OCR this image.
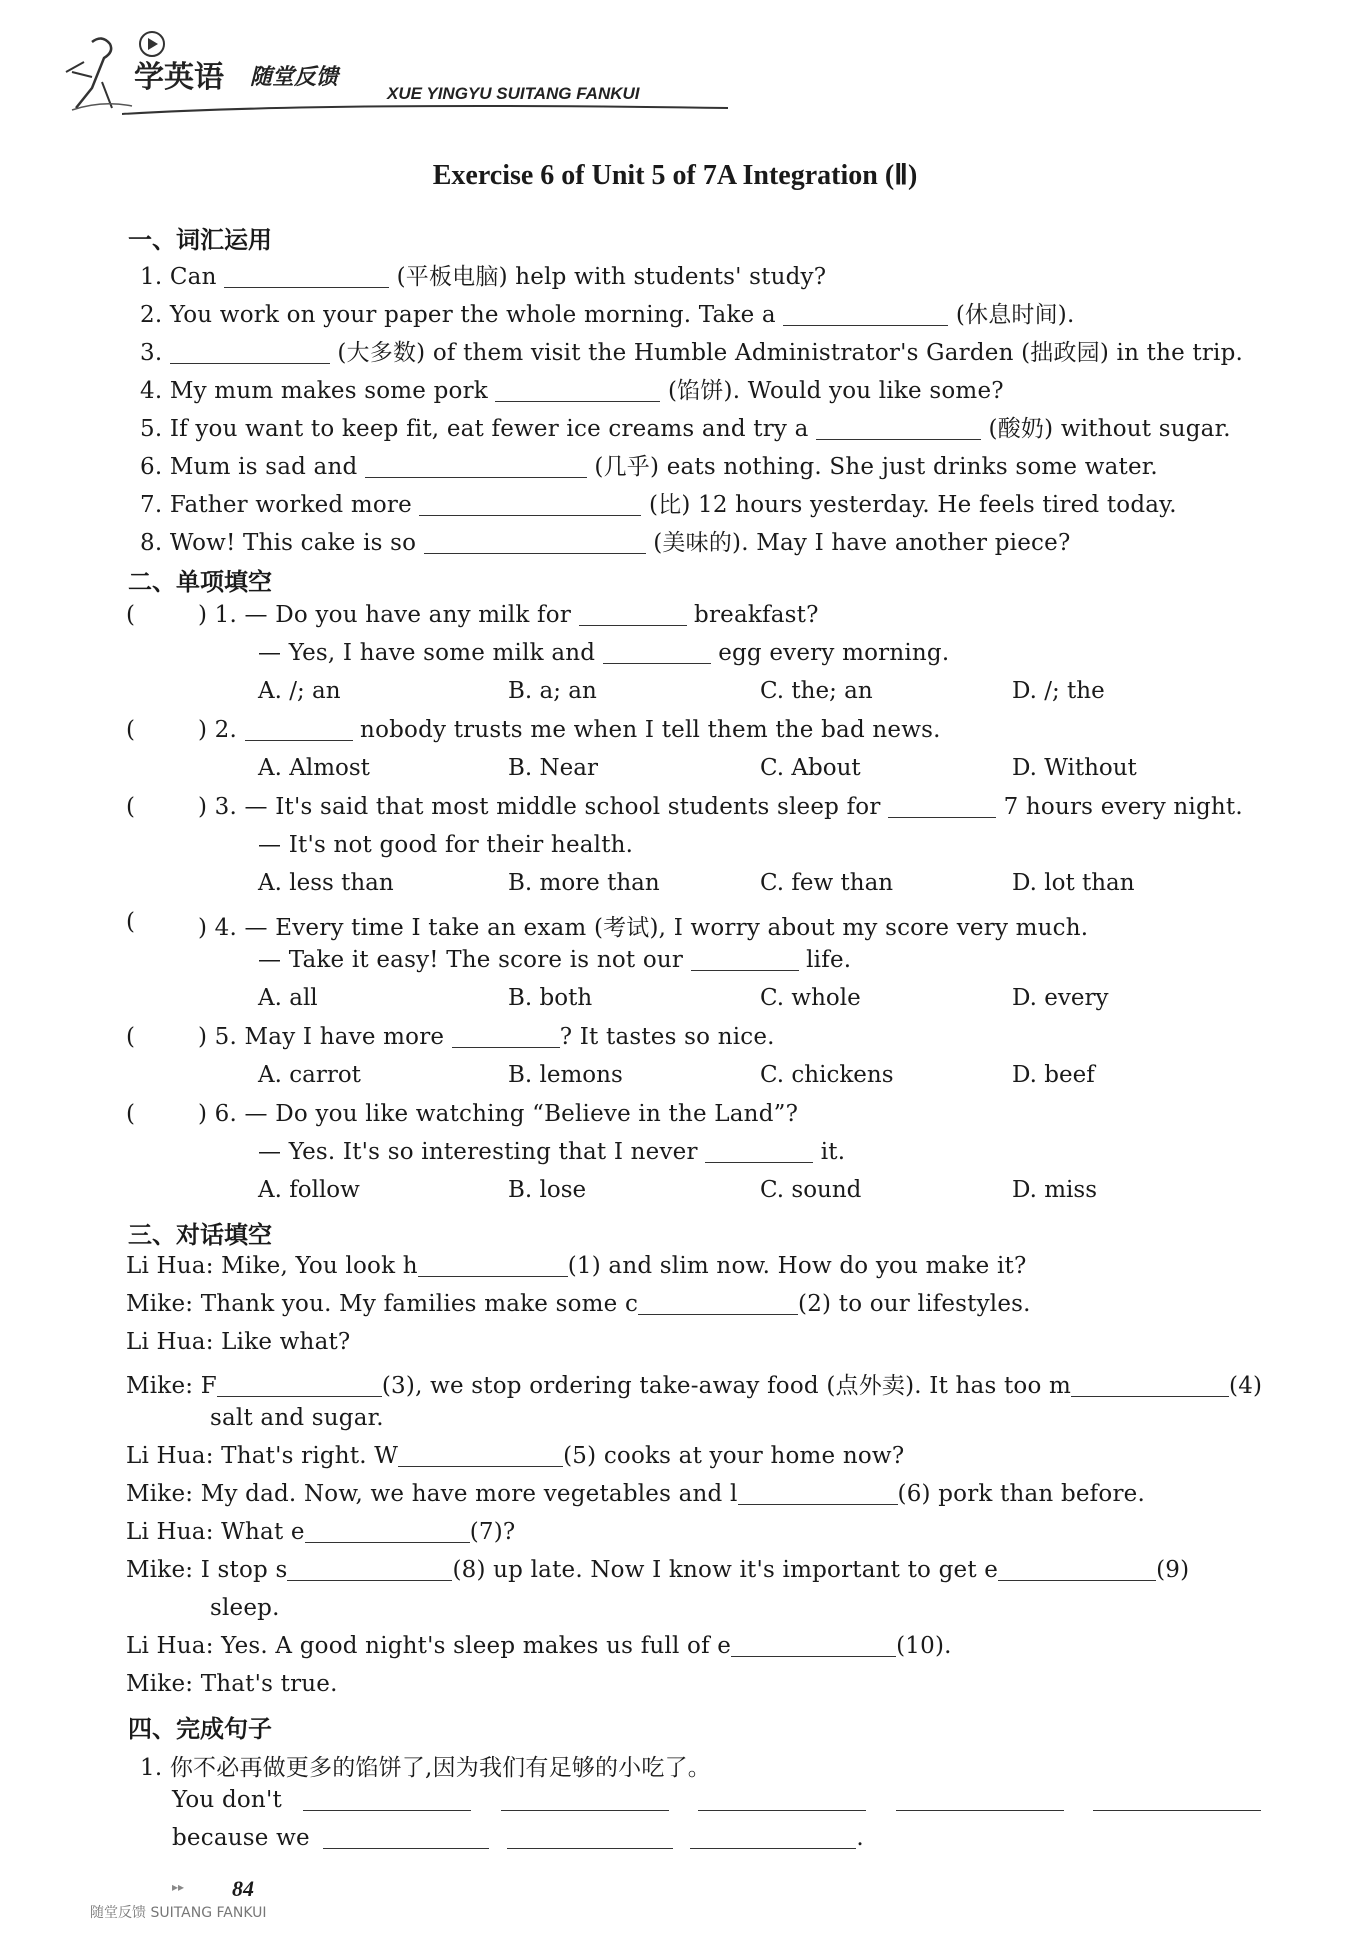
学英语 随堂反馈
XUE YINGYU SUITANG FANKUI
Exercise 6 of Unit 5 of 7A Integration (Ⅱ)
一、词汇运用
1. Can	(平板电脑) help with students' study?
2. You work on your paper the whole morning. Take a	(休息时间).
3.	(大多数) of them visit the Humble Administrator's Garden (拙政园) in the trip.
4. My mum makes some pork	(馅饼). Would you like some?
5. If you want to keep fit, eat fewer ice creams and try a	(酸奶) without sugar.
6. Mum is sad and	(几乎) eats nothing. She just drinks some water.
7. Father worked more	(比) 12 hours yesterday. He feels tired today.
8. Wow! This cake is so	(美味的). May I have another piece?
二、单项填空
(	) 1. — Do you have any milk for	breakfast?
— Yes, I have some milk and	egg every morning.
A. /; an	B. a; an	C. the; an	D. /; the
(	) 2.	nobody trusts me when I tell them the bad news.
A. Almost	B. Near	C. About	D. Without
(	) 3. — It's said that most middle school students sleep for	7 hours every night.
— It's not good for their health.
A. less than	B. more than	C. few than	D. lot than
(	) 4. — Every time I take an exam (考试), I worry about my score very much.
— Take it easy! The score is not our	life.
A. all	B. both	C. whole	D. every
(	) 5. May I have more	? It tastes so nice.
A. carrot	B. lemons	C. chickens	D. beef
(	) 6. — Do you like watching “Believe in the Land”?
— Yes. It's so interesting that I never	it.
A. follow	B. lose	C. sound	D. miss
三、对话填空
Li Hua: Mike, You look h	(1) and slim now. How do you make it?
Mike: Thank you. My families make some c	(2) to our lifestyles.
Li Hua: Like what?
Mike: F	(3), we stop ordering take-away food (点外卖). It has too m	(4)
salt and sugar.
Li Hua: That's right. W	(5) cooks at your home now?
Mike: My dad. Now, we have more vegetables and l	(6) pork than before.
Li Hua: What e	(7)?
Mike: I stop s	(8) up late. Now I know it's important to get e	(9)
sleep.
Li Hua: Yes. A good night's sleep makes us full of e	(10).
Mike: That's true.
四、完成句子
1. 你不必再做更多的馅饼了,因为我们有足够的小吃了。
You don't
because we	.
▸▸ 84
随堂反馈 SUITANG FANKUI
